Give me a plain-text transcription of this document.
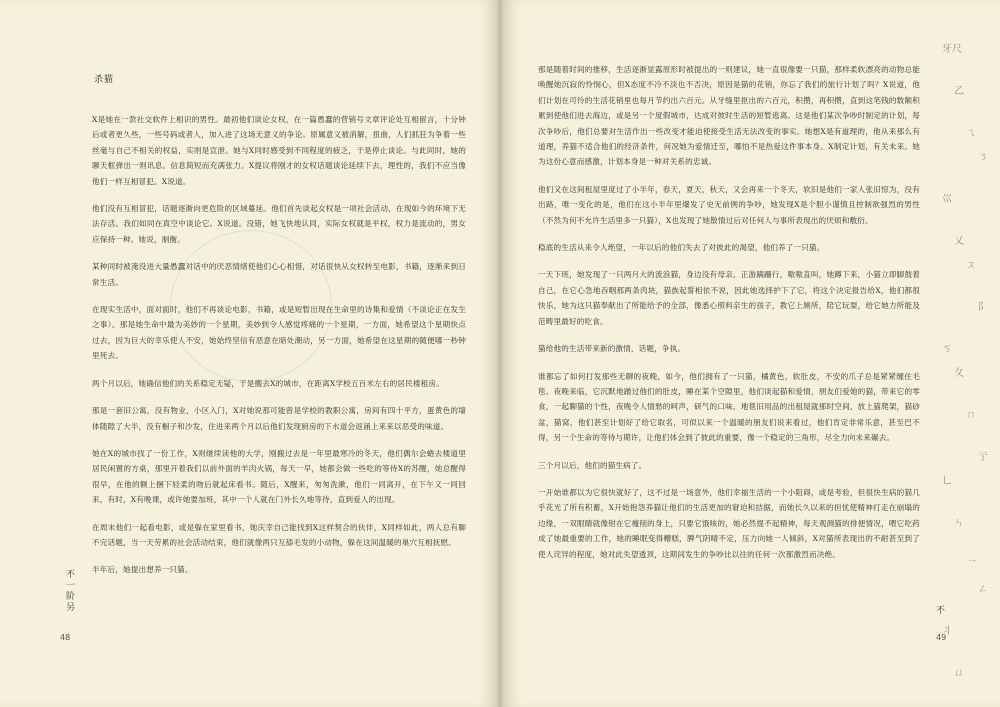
杀猫

X是她在一款社交软件上相识的男性。最初他们谈论女权，在一篇愚蠢的营销号文章评论处互相留言，十分钟后或者更久些，一些号码或者人，加入进了这场无意义的争论。原属意义被消解，扭曲，人们抓狂为争着一些丝毫与自己不相关的权益，实则是宣泄。她与X同时感受到不同程度的疲乏，于是停止谈论。与此同时，她的聊天框弹出一则讯息。信息简短而充满张力。X提议将刚才的女权话题谈论延续下去，理性的，我们不应当像他们一样互相冒犯。X说道。

他们没有互相冒犯，话题逐渐向更危险的区域蔓延。他们首先谈起女权是一项社会活动，在现如今的环境下无法存活。我们如同在真空中谈论它。X说道。没错，她飞快地认同，实际女权就是平权，权力是流动的，男女应保持一种。她说，制衡。

某种同时被淹没进大量愚蠢对话中的厌恶情绪使他们心心相惜，对话很快从女权转至电影，书籍，逐渐来到日常生活。

在现实生活中，面对面时，他们不再谈论电影，书籍，或是短暂出现在生命里的诗集和爱情（不谈论正在发生之事）。那是她生命中最为美妙的一个星期，美妙到令人感觉疼痛的一个星期，一方面，她希望这个星期快点过去，因为巨大的幸乐使人不安，她始终坚信有恶意在暗处潮动，另一方面，她希望在这星期的随便哪一秒钟里死去。

两个月以后，她确信他们的关系稳定无疑，于是搬去X的城市，在距离X学校五百米左右的居民楼租房。

那是一套旧公寓，没有物业，小区入门，X对她说那可能曾是学校的教职公寓，房间有四十平方，蛋黄色的墙体随隙了大半，没有橱子和沙发，住进来两个月以后他们发现厨房的下水道会返涌上来来以恶受的味道。

她在X的城市找了一份工作，X则继续读他的大学，刚搬过去是一年里最寒冷的冬天，他们偶尔会蜷去楼道里居民闲置的方桌，那里开着我们以前外面的羊肉火锅，每天一早，她都会做一些吃的等待X的苏醒，她总醒得很早，在他的额上捆下轻柔的吻后就起床看书。随后，X醒来，匆匆洗漱，他们一同离开，在下午又一同回来，有时，X有晚课，或许她要加班，其中一个人就在门外长久地等待，直到爱人的出现。

在周末他们一起看电影，或是躲在家里看书，她庆幸自己能找到X这样契合的伙伴，X同样如此，两人总有聊不完话题，当一天劳累的社会活动结束，他们就像两只互舔毛发的小动物，躲在这间温暖的巢穴互相抚慰。

半年后，她提出想养一只猫。

不一阶另
48

那是随着时间的推移，生活逐渐显露原形时被提出的一则建议，她一直很像要一只猫，那样柔软漂亮的动物总能唤醒她沉寂的怜悯心，但X态度不冷不淡也不否决，原因是猫的花销，你忘了我们的旅行计划了吗？X说道，他们计划在可怜的生活花销里也每月节约出六百元。从牙缝里抠出的六百元，积攒，再积攒，直到这笔钱的数额积累到使他们进去海边，或是另一个度假城市，达成对彼时生活的短暂逃离。这是他们某次争吵时制定的计划，每次争吵后，他们总要对生活作出一些改变才能迫使接受生活无法改变的事实。她想X是有道理的，他从来那么有道理，养猫不适合他们的经济条件，何况她为爱情迁至，哪怕不是热爱这件事本身。X制定计划，有关未来。她为这份心意而感激，计划本身是一种对关系的忠诚。

他们又在这间租屋里度过了小半年，春天，夏天，秋天，又会再来一个冬天，软旧是他们一家人张旧惊为，没有出路，唯一变化的是，他们在这小半年里爆发了史无前例的争吵，她发现X是个胆小谨慎且控制欲强烈的男性（不然为何不允许生活里多一只猫），X也发现了她散情过后对任何人与事所表现出的厌烦和敷衍。

稳底的生活从来令人绝望，一年以后的他们失去了对彼此的渴望，他们养了一只猫。

一天下班，她发现了一只两月大的流浪猫，身边没有母亲，正游蹒跚行，嗷嗷直叫，她蹲下来，小猫立即脚鼓着自己，在它心急地吞咽那两条肉块，猫族起誓相依不说，因此她选择护下了它，将这个决定报告给X，他们都很快乐，她为这只猫奉献出了所能给予的全部，像悉心照料亲生的孩子，教它上厕所，陪它玩耍，给它她力所能及范畴里最好的吃食。

猫给他的生活带来新的激情，话题，争执。

谁都忘了如何打发那些无聊的夜晚，如今，他们拥有了一只猫，橘黄色，软肚皮，不安的爪子总是紧紧缠住毛毯。夜晚来临，它沉默地蹭过他们的肚皮，睡在某个空隙里，他们谈起猫和爱情，朋友们爱她的猫，带来它的零食，一起聊猫的个性，夜晚令人情愁的呵声，研气的口味，地毯旧用品的出租屋就那时空间，放上猫爬架，猫砂盆，猫窝，他们甚至计划好了给它取名，可似以来一个温暖的朋友们说来看过，他们肯定非常乐意，甚至巴不得，另一个生命的等待与期许，让他们体会到了彼此的重要，像一个稳定的三角形，尽全力向未来碾去。

三个月以后，他们的猫生病了。

一开始谁都以为它很快就好了，这不过是一场意外，他们幸福生活的一个小阻碍，或是考验，但很快生病的猫几乎花光了所有积蓄，X开始抱怨养猫让他们的生活更加的窘迫和拮据，而她长久以来的担忧使精神打走在崩塌的边缘，一双眼睛就像钳在它瘦削的身上，只要它饿咳的，她必然提不起精神，每天观测猫的排便情况，喂它吃药成了她最重要的工作，她的睡眠变得糟糕，脾气阴晴不定，压力向她一人倾斜，X对猫所表现出的不耐甚至到了使人诧异的程度，她对此失望透顶，这期间发生的争吵比以往的任何一次都激烈而决绝。

牙尺
乙
ㄟ
ㄋ
巛
乂
ㄡ
阝
ㄎ
夂
ㄇ
亍
乚
ㄣ
乛
ㄥ
丬
ㄩ
不
49
